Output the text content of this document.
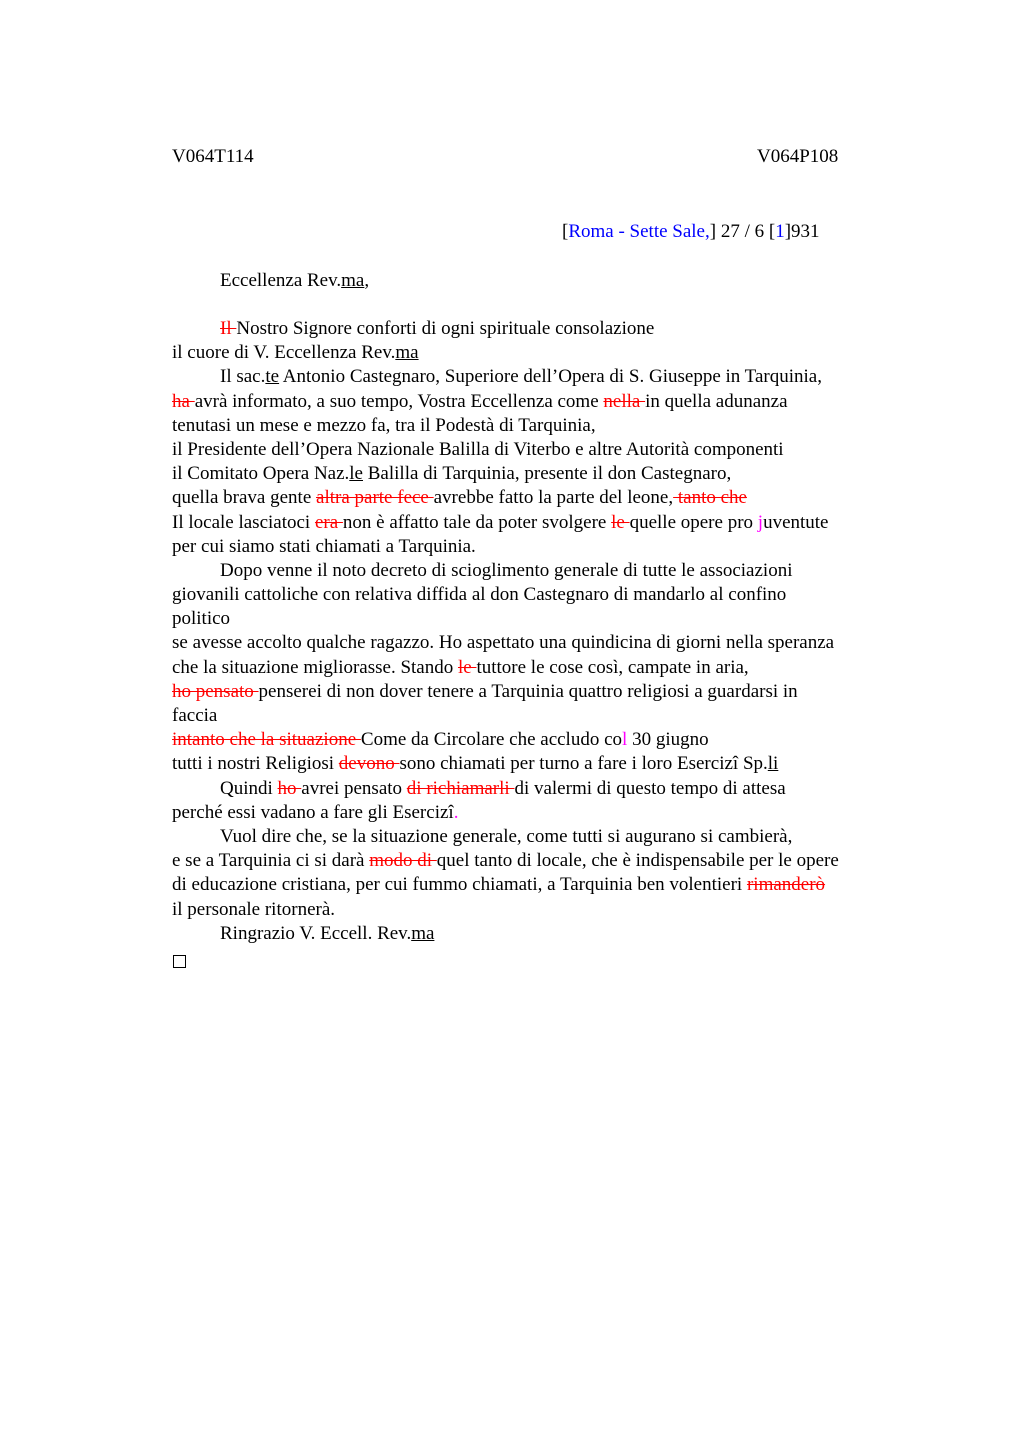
V064T114	V064P108
[Roma - Sette Sale,] 27 / 6 [1]931
Eccellenza Rev.ma,
Il Nostro Signore conforti di ogni spirituale consolazione
il cuore di V. Eccellenza Rev.ma
Il sac.te Antonio Castegnaro, Superiore dell’Opera di S. Giuseppe in Tarquinia,
ha avrà informato, a suo tempo, Vostra Eccellenza come nella in quella adunanza
tenutasi un mese e mezzo fa, tra il Podestà di Tarquinia,
il Presidente dell’Opera Nazionale Balilla di Viterbo e altre Autorità componenti
il Comitato Opera Naz.le Balilla di Tarquinia, presente il don Castegnaro,
quella brava gente altra parte fece avrebbe fatto la parte del leone, tanto che
Il locale lasciatoci era non è affatto tale da poter svolgere le quelle opere pro juventute
per cui siamo stati chiamati a Tarquinia.
Dopo venne il noto decreto di scioglimento generale di tutte le associazioni
giovanili cattoliche con relativa diffida al don Castegnaro di mandarlo al confino
politico
se avesse accolto qualche ragazzo. Ho aspettato una quindicina di giorni nella speranza
che la situazione migliorasse. Stando le tuttore le cose così, campate in aria,
ho pensato penserei di non dover tenere a Tarquinia quattro religiosi a guardarsi in
faccia
intanto che la situazione Come da Circolare che accludo col 30 giugno
tutti i nostri Religiosi devono sono chiamati per turno a fare i loro Esercizi Sp.li
Quindi ho avrei pensato di richiamarli di valermi di questo tempo di attesa
perché essi vadano a fare gli Esercizî.
Vuol dire che, se la situazione generale, come tutti si augurano si cambierà,
e se a Tarquinia ci si darà modo di quel tanto di locale, che è indispensabile per le opere
di educazione cristiana, per cui fummo chiamati, a Tarquinia ben volentieri rimanderò
il personale ritornerà.
Ringrazio V. Eccell. Rev.ma
